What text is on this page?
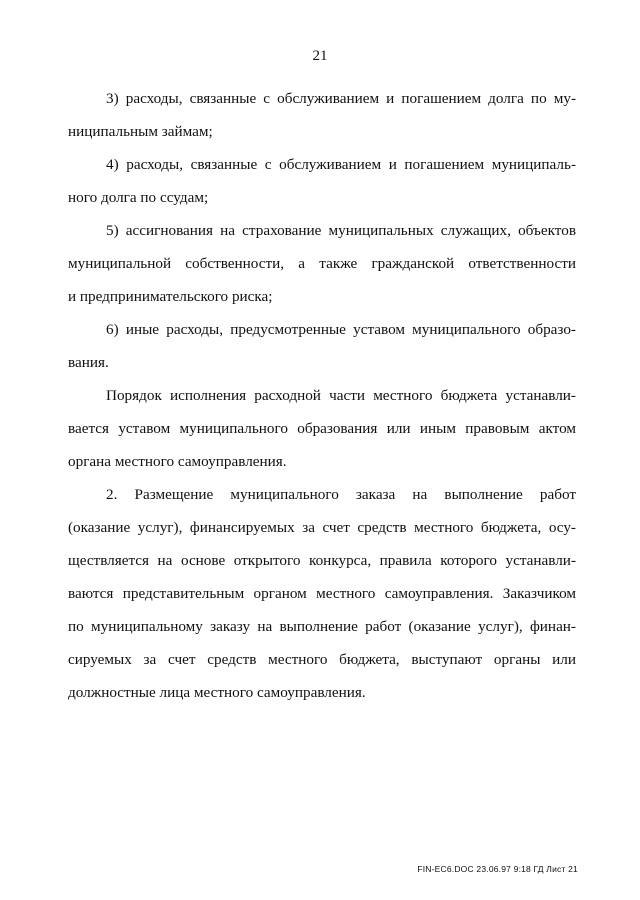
21
3) расходы, связанные с обслуживанием и погашением долга по му-
ниципальным займам;
4) расходы, связанные с обслуживанием и погашением муниципаль-
ного долга по ссудам;
5) ассигнования на страхование муниципальных служащих, объектов
муниципальной собственности, а также гражданской ответственности
и предпринимательского риска;
6) иные расходы, предусмотренные уставом муниципального образо-
вания.
Порядок исполнения расходной части местного бюджета устанавли-
вается уставом муниципального образования или иным правовым актом
органа местного самоуправления.
2. Размещение муниципального заказа на выполнение работ
(оказание услуг), финансируемых за счет средств местного бюджета, осу-
ществляется на основе открытого конкурса, правила которого устанавли-
ваются представительным органом местного самоуправления. Заказчиком
по муниципальному заказу на выполнение работ (оказание услуг), финан-
сируемых за счет средств местного бюджета, выступают органы или
должностные лица местного самоуправления.
FIN-EC6.DOC 23.06.97 9:18 ГД Лист 21
